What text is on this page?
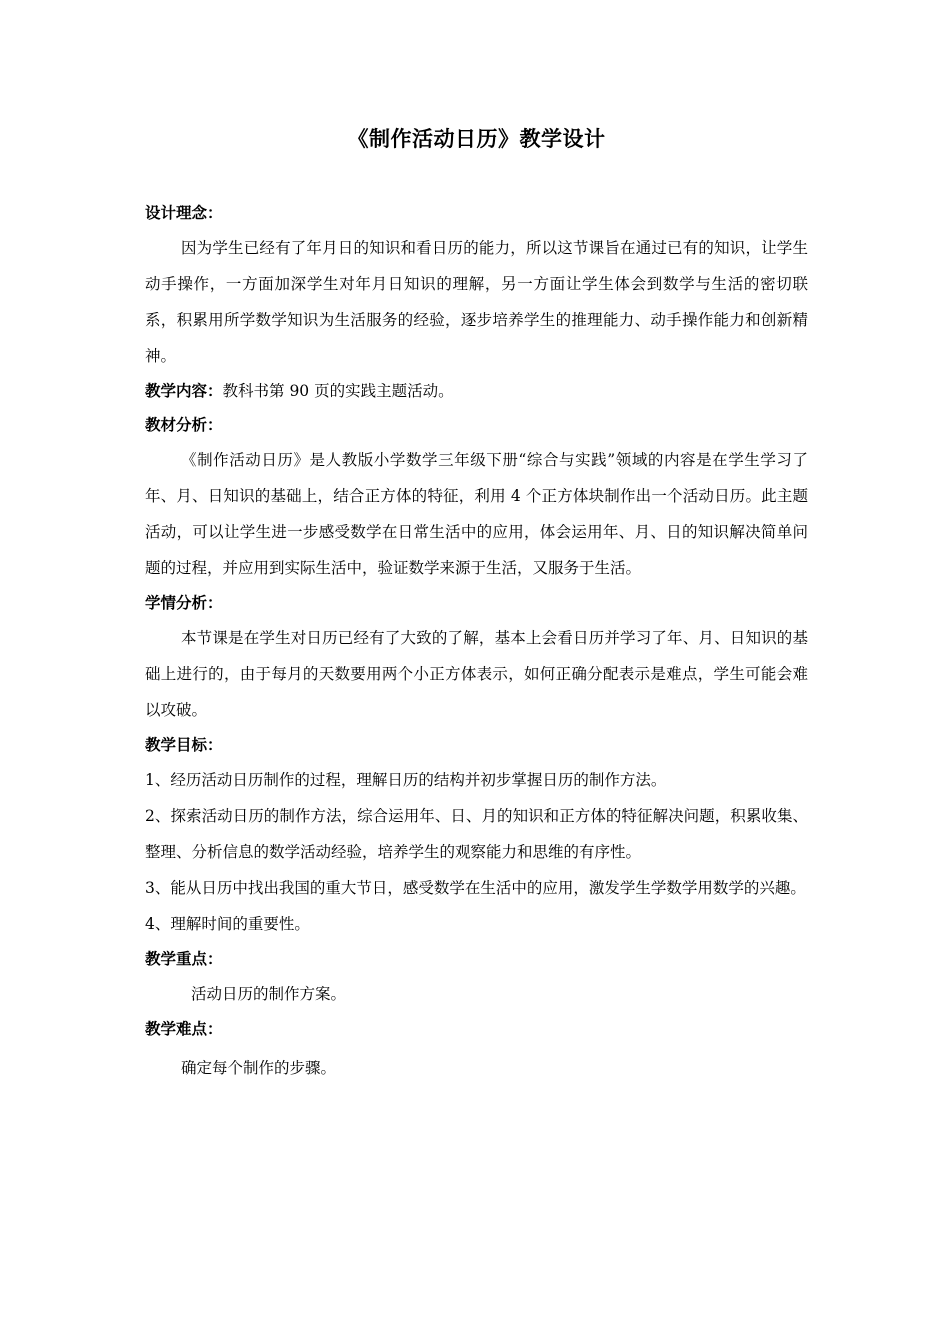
《制作活动日历》教学设计
设计理念：

因为学生已经有了年月日的知识和看日历的能力，所以这节课旨在通过已有的知识，让学生动手操作，一方面加深学生对年月日知识的理解，另一方面让学生体会到数学与生活的密切联系，积累用所学数学知识为生活服务的经验，逐步培养学生的推理能力、动手操作能力和创新精神。

教学内容：教科书第 90 页的实践主题活动。
教材分析：

《制作活动日历》是人教版小学数学三年级下册“综合与实践”领域的内容是在学生学习了年、月、日知识的基础上，结合正方体的特征，利用 4 个正方体块制作出一个活动日历。此主题活动，可以让学生进一步感受数学在日常生活中的应用，体会运用年、月、日的知识解决简单问题的过程，并应用到实际生活中，验证数学来源于生活，又服务于生活。

学情分析：

本节课是在学生对日历已经有了大致的了解，基本上会看日历并学习了年、月、日知识的基础上进行的，由于每月的天数要用两个小正方体表示，如何正确分配表示是难点，学生可能会难以攻破。

教学目标：

1、经历活动日历制作的过程，理解日历的结构并初步掌握日历的制作方法。

2、探索活动日历的制作方法，综合运用年、日、月的知识和正方体的特征解决问题，积累收集、整理、分析信息的数学活动经验，培养学生的观察能力和思维的有序性。

3、能从日历中找出我国的重大节日，感受数学在生活中的应用，激发学生学数学用数学的兴趣。

4、理解时间的重要性。

教学重点：

活动日历的制作方案。

教学难点：

确定每个制作的步骤。
